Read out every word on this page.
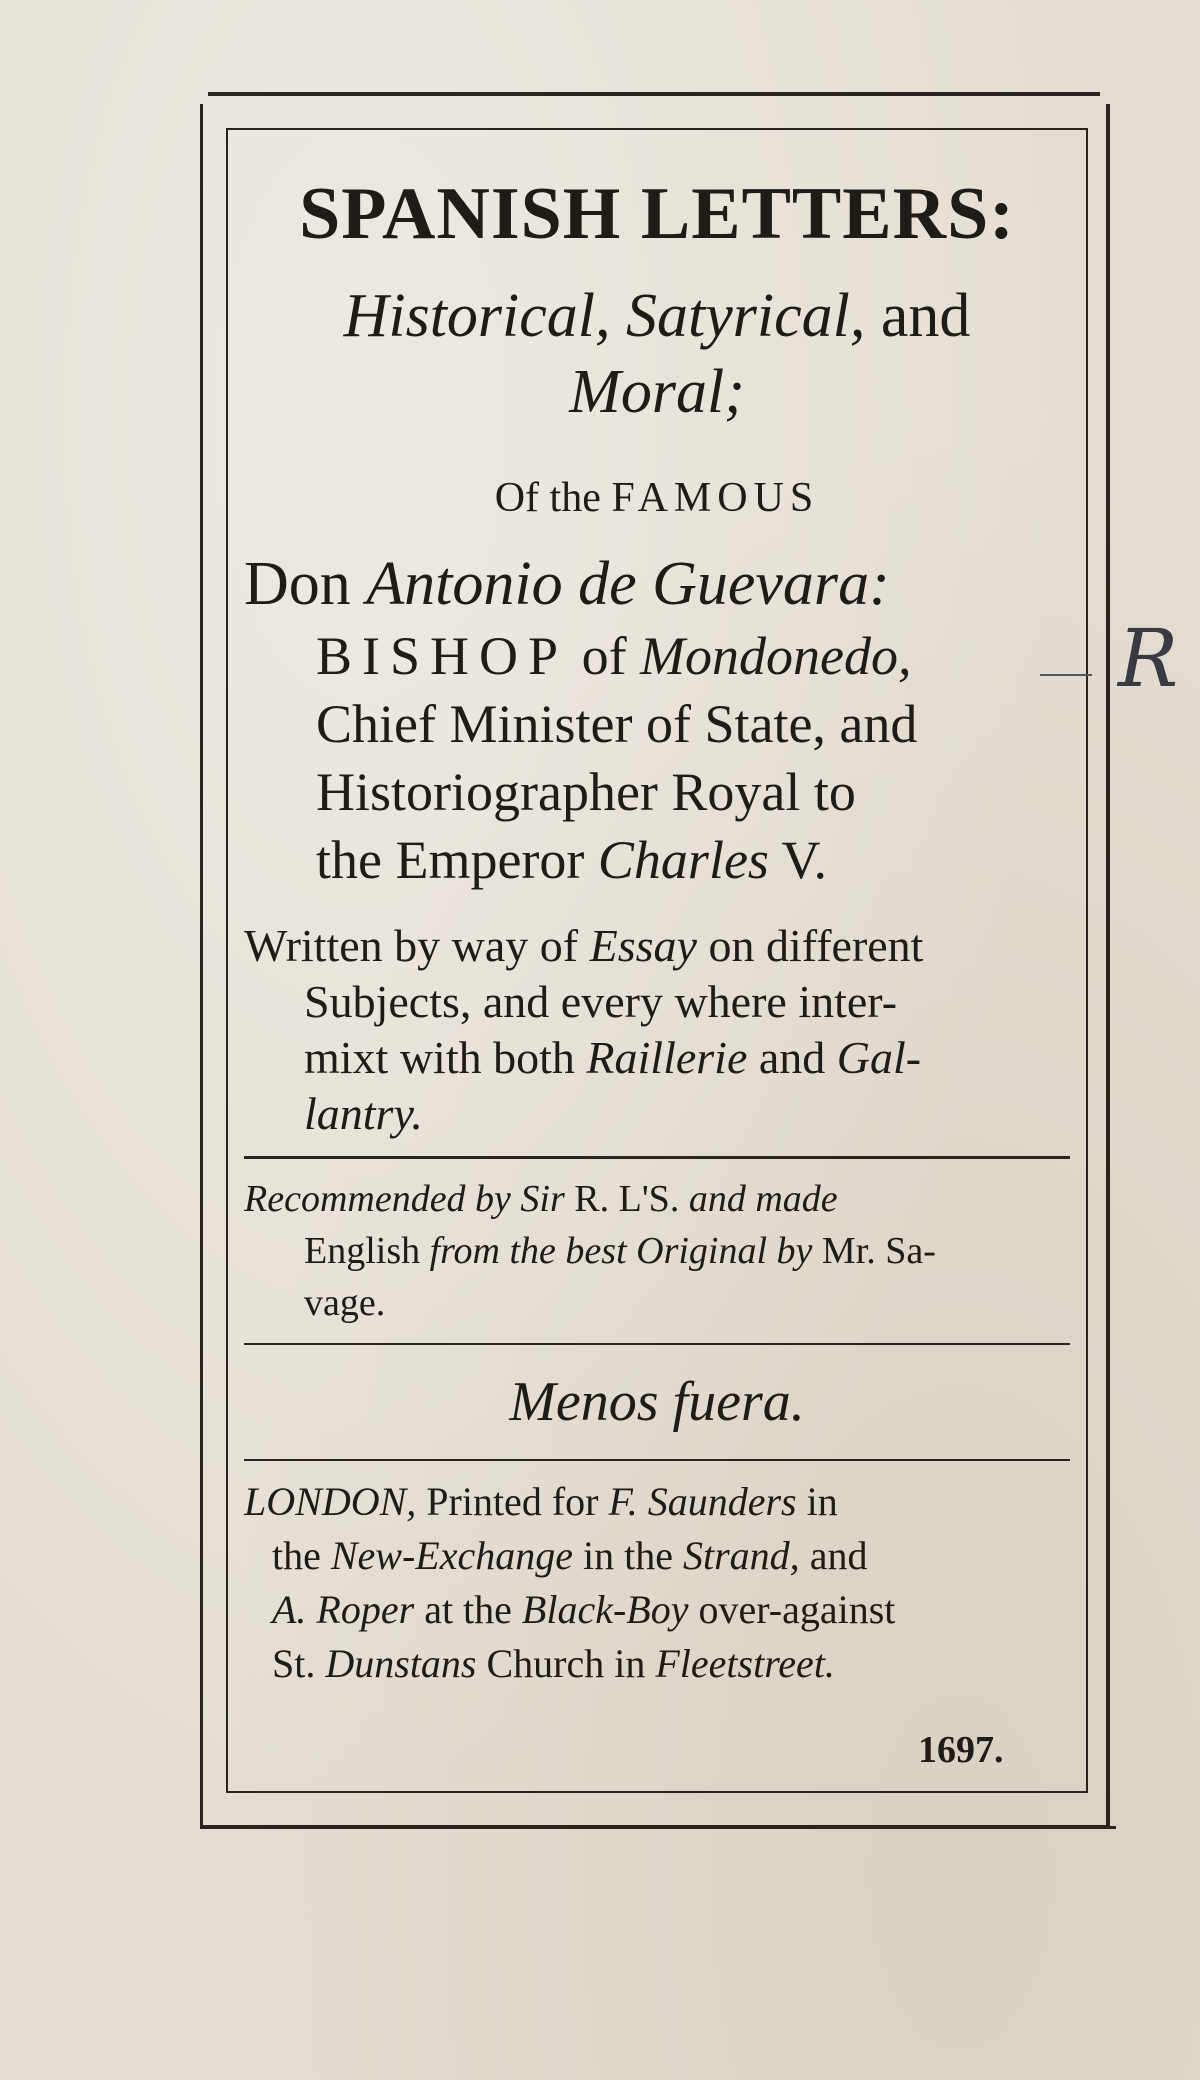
SPANISH LETTERS:
Historical, Satyrical, and
Moral;
Of the FAMOUS
Don Antonio de Guevara:
BISHOP of Mondonedo,
Chief Minister of State, and
Historiographer Royal to
the Emperor Charles V.
Written by way of Essay on different
Subjects, and every where inter-
mixt with both Raillerie and Gal-
lantry.
Recommended by Sir R. L'S. and made
English from the best Original by Mr. Sa-
vage.
Menos fuera.
LONDON, Printed for F. Saunders in
the New-Exchange in the Strand, and
A. Roper at the Black-Boy over-against
St. Dunstans Church in Fleetstreet.
1697.
R
